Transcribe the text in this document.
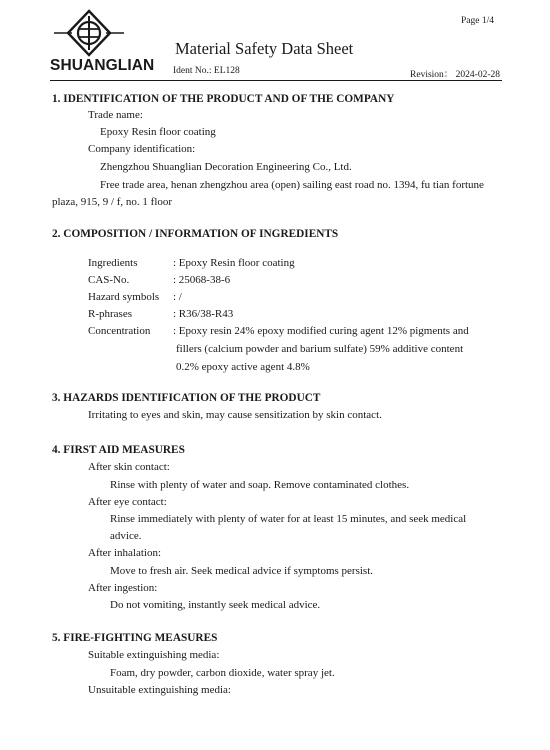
Page 1/4
Material Safety Data Sheet
SHUANGLIAN Ident No.: EL128	Revision： 2024-02-28
1. IDENTIFICATION OF THE PRODUCT AND OF THE COMPANY
Trade name:
Epoxy Resin floor coating
Company identification:
Zhengzhou Shuanglian Decoration Engineering Co., Ltd.
Free trade area, henan zhengzhou area (open) sailing east road no. 1394, fu tian fortune
plaza, 915, 9 / f, no. 1 floor
2. COMPOSITION / INFORMATION OF INGREDIENTS
Ingredients	: Epoxy Resin floor coating
CAS-No.	: 25068-38-6
Hazard symbols : /
R-phrases	: R36/38-R43
Concentration : Epoxy resin 24% epoxy modified curing agent 12% pigments and
fillers (calcium powder and barium sulfate) 59% additive content
0.2% epoxy active agent 4.8%
3. HAZARDS IDENTIFICATION OF THE PRODUCT
Irritating to eyes and skin, may cause sensitization by skin contact.
4. FIRST AID MEASURES
After skin contact:
Rinse with plenty of water and soap. Remove contaminated clothes.
After eye contact:
Rinse immediately with plenty of water for at least 15 minutes, and seek medical
advice.
After inhalation:
Move to fresh air. Seek medical advice if symptoms persist.
After ingestion:
Do not vomiting, instantly seek medical advice.
5. FIRE-FIGHTING MEASURES
Suitable extinguishing media:
Foam, dry powder, carbon dioxide, water spray jet.
Unsuitable extinguishing media:
